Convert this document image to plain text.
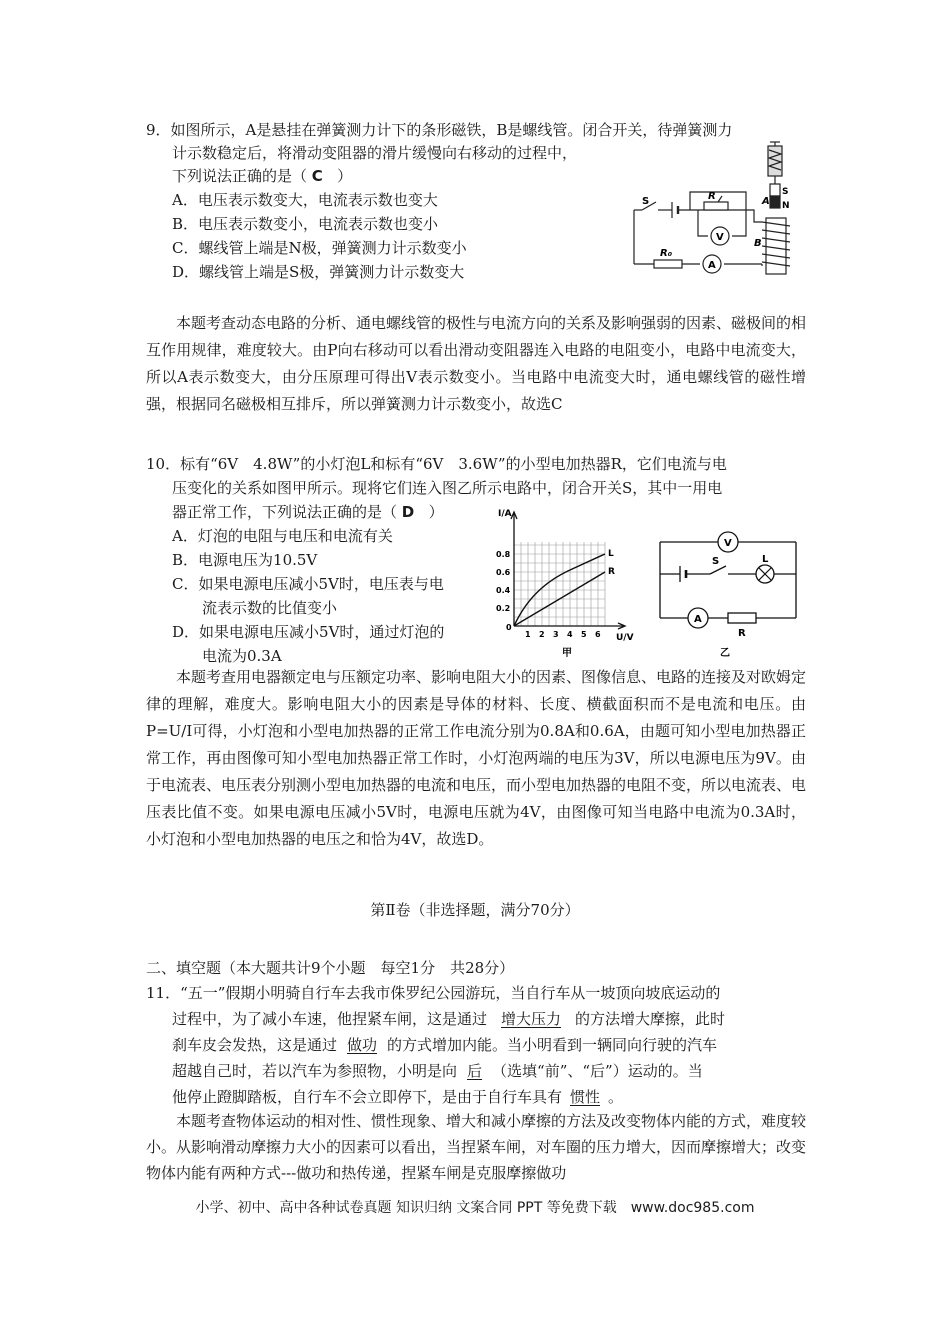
9．如图所示，A是悬挂在弹簧测力计下的条形磁铁，B是螺线管。闭合开关，待弹簧测力
计示数稳定后，将滑动变阻器的滑片缓慢向右移动的过程中，
下列说法正确的是（ C ）
A．电压表示数变大，电流表示数也变大
B．电压表示数变小，电流表示数也变小
C．螺线管上端是N极，弹簧测力计示数变小
D．螺线管上端是S极，弹簧测力计示数变大
S
N
A
B
R
S
V
R₀
A
本题考查动态电路的分析、通电螺线管的极性与电流方向的关系及影响强弱的因素、磁极间的相互作用规律，难度较大。由P向右移动可以看出滑动变阻器连入电路的电阻变小，电路中电流变大，所以A表示数变大，由分压原理可得出V表示数变小。当电路中电流变大时，通电螺线管的磁性增强，根据同名磁极相互排斥，所以弹簧测力计示数变小，故选C
10．标有“6V　4.8W”的小灯泡L和标有“6V　3.6W”的小型电加热器R，它们电流与电
压变化的关系如图甲所示。现将它们连入图乙所示电路中，闭合开关S，其中一用电
器正常工作，下列说法正确的是（ D ）
A．灯泡的电阻与电压和电流有关
B．电源电压为10.5V
C．如果电源电压减小5V时，电压表与电
流表示数的比值变小
D．如果电源电压减小5V时，通过灯泡的
电流为0.3A
I/A
U/V
0.8
0.6
0.4
0.2
0
1 2 3 4 5 6
L
R
甲
V
L
S
A
R
乙
本题考查用电器额定电与压额定功率、影响电阻大小的因素、图像信息、电路的连接及对欧姆定律的理解，难度大。影响电阻大小的因素是导体的材料、长度、横截面积而不是电流和电压。由P=U/I可得，小灯泡和小型电加热器的正常工作电流分别为0.8A和0.6A，由题可知小型电加热器正常工作，再由图像可知小型电加热器正常工作时，小灯泡两端的电压为3V，所以电源电压为9V。由于电流表、电压表分别测小型电加热器的电流和电压，而小型电加热器的电阻不变，所以电流表、电压表比值不变。如果电源电压减小5V时，电源电压就为4V，由图像可知当电路中电流为0.3A时，小灯泡和小型电加热器的电压之和恰为4V，故选D。
第Ⅱ卷（非选择题，满分70分）
二、填空题（本大题共计9个小题　每空1分　共28分）
11．“五一”假期小明骑自行车去我市侏罗纪公园游玩，当自行车从一坡顶向坡底运动的
过程中，为了减小车速，他捏紧车闸，这是通过 增大压力 的方法增大摩擦，此时
刹车皮会发热，这是通过 做功 的方式增加内能。当小明看到一辆同向行驶的汽车
超越自己时，若以汽车为参照物，小明是向 后 （选填“前”、“后”）运动的。当
他停止蹬脚踏板，自行车不会立即停下，是由于自行车具有 惯性 。
本题考查物体运动的相对性、惯性现象、增大和减小摩擦的方法及改变物体内能的方式，难度较小。从影响滑动摩擦力大小的因素可以看出，当捏紧车闸，对车圈的压力增大，因而摩擦增大；改变物体内能有两种方式---做功和热传递，捏紧车闸是克服摩擦做功
小学、初中、高中各种试卷真题 知识归纳 文案合同 PPT 等免费下载　www.doc985.com
